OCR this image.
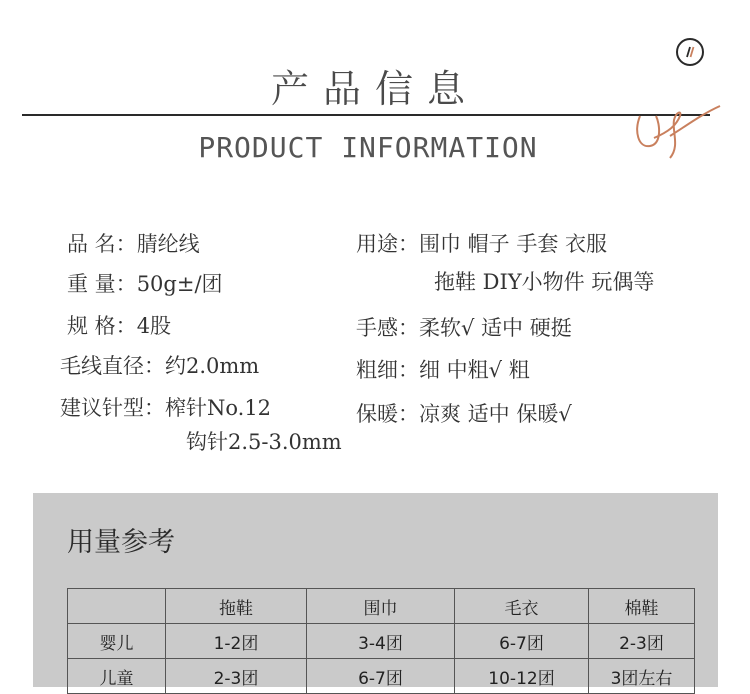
产品信息
PRODUCT INFORMATION
品 名：腈纶线
重 量：50g±/团
规 格：4股
毛线直径：约2.0mm
建议针型：榨针No.12
钩针2.5-3.0mm
用途：围巾 帽子 手套 衣服
拖鞋 DIY小物件 玩偶等
手感：柔软√ 适中 硬挺
粗细：细 中粗√ 粗
保暖：凉爽 适中 保暖√
用量参考
	拖鞋	围巾	毛衣	棉鞋
婴儿	1-2团	3-4团	6-7团	2-3团
儿童	2-3团	6-7团	10-12团	3团左右
